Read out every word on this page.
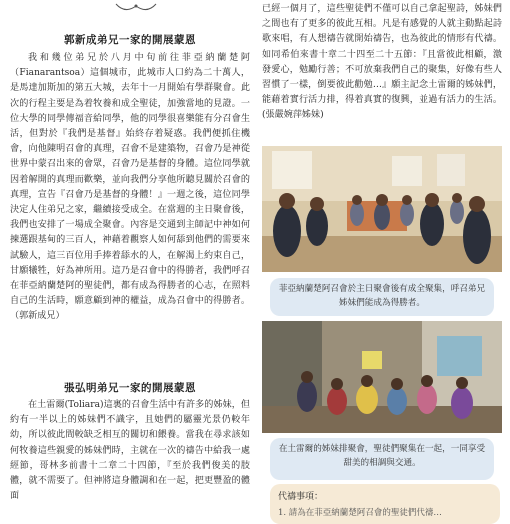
郭新成弟兄一家的開展蒙恩

我和幾位弟兄於八月中旬前往菲亞納蘭楚阿（Fianarantsoa）這個城市，此城市人口約為二十萬人，是馬達加斯加的第五大城，去年十一月開始有學群聚會。此次的行程主要是為着牧養和成全聖徒，加強當地的見證。一位大學的同學傳福音給同學，他的同學很喜樂能有分召會生活，但對於『我們是基督』始終存着疑惑。我們便抓住機會，向他陳明召會的真理，召會不是建築物，召會乃是神從世界中蒙召出來的會眾，召會乃是基督的身體。這位同學就因着解開的真理而歡樂，並向我們分享他所聽見關於召會的真理，宣告『召會乃是基督的身體！』一週之後，這位同學決定人住弟兄之家，繼續接受成全。在當週的主日聚會後，我們也安排了一場成全聚會。內容是交通到主師記中神如何揀選跟基甸的三百人，神藉着觀察人如何舔到他們的需要來試驗人，這三百位用手捧着舔水的人，在解渴上約束自己，甘願犧牲，好為神所用。這乃是召會中的得勝者，我們呼召在菲亞納蘭楚阿的聖徒們，都有成為得勝者的心志，在照料自己的生活時，願意顧到神的權益，成為召會中的得勝者。（郭新成兄）

張弘明弟兄一家的開展蒙恩

在土雷爾(Toliara)這裏的召會生活中有許多的姊妹，但約有一半以上的姊妹們不識字，且她們的屬靈光景仍較年幼，所以彼此間較缺乏相互的關切和餵養。當我在尋求該如何牧養這些親愛的姊妹們時，主就在一次的禱告中給我一處經節，哥林多前書十二章二十四節，『至於我們俊美的肢體，就不需要了。但神將這身體調和在一起，把更豐盈的體面

已經一個月了，這些聖徒們不僅可以自己拿起聖詩，姊妹們之間也有了更多的彼此互相。凡是有感覺的人就主動點起詩歌來唱，有人想禱告就開始禱告，也為彼此的情形有代禱。如同希伯來書十章二十四至二十五節：『且當彼此相顧，激發愛心，勉勵行善；不可放棄我們自己的聚集，好像有些人習慣了一樣，倒要彼此勸勉…』願主記念土雷爾的姊妹們，能藉着實行活力排，得着真實的復興，並過有活力的生活。(張嚴婉萍姊妹)

菲亞納蘭楚阿召會於主日聚會後有成全聚集，呼召弟兄姊妹們能成為得勝者。
在土雷爾的姊妹排聚會，聖徒們聚集在一起，一同享受甜美的相調與交通。
代禱事項：
1. 請為在菲亞納蘭楚阿召會的聖徒們代禱…
